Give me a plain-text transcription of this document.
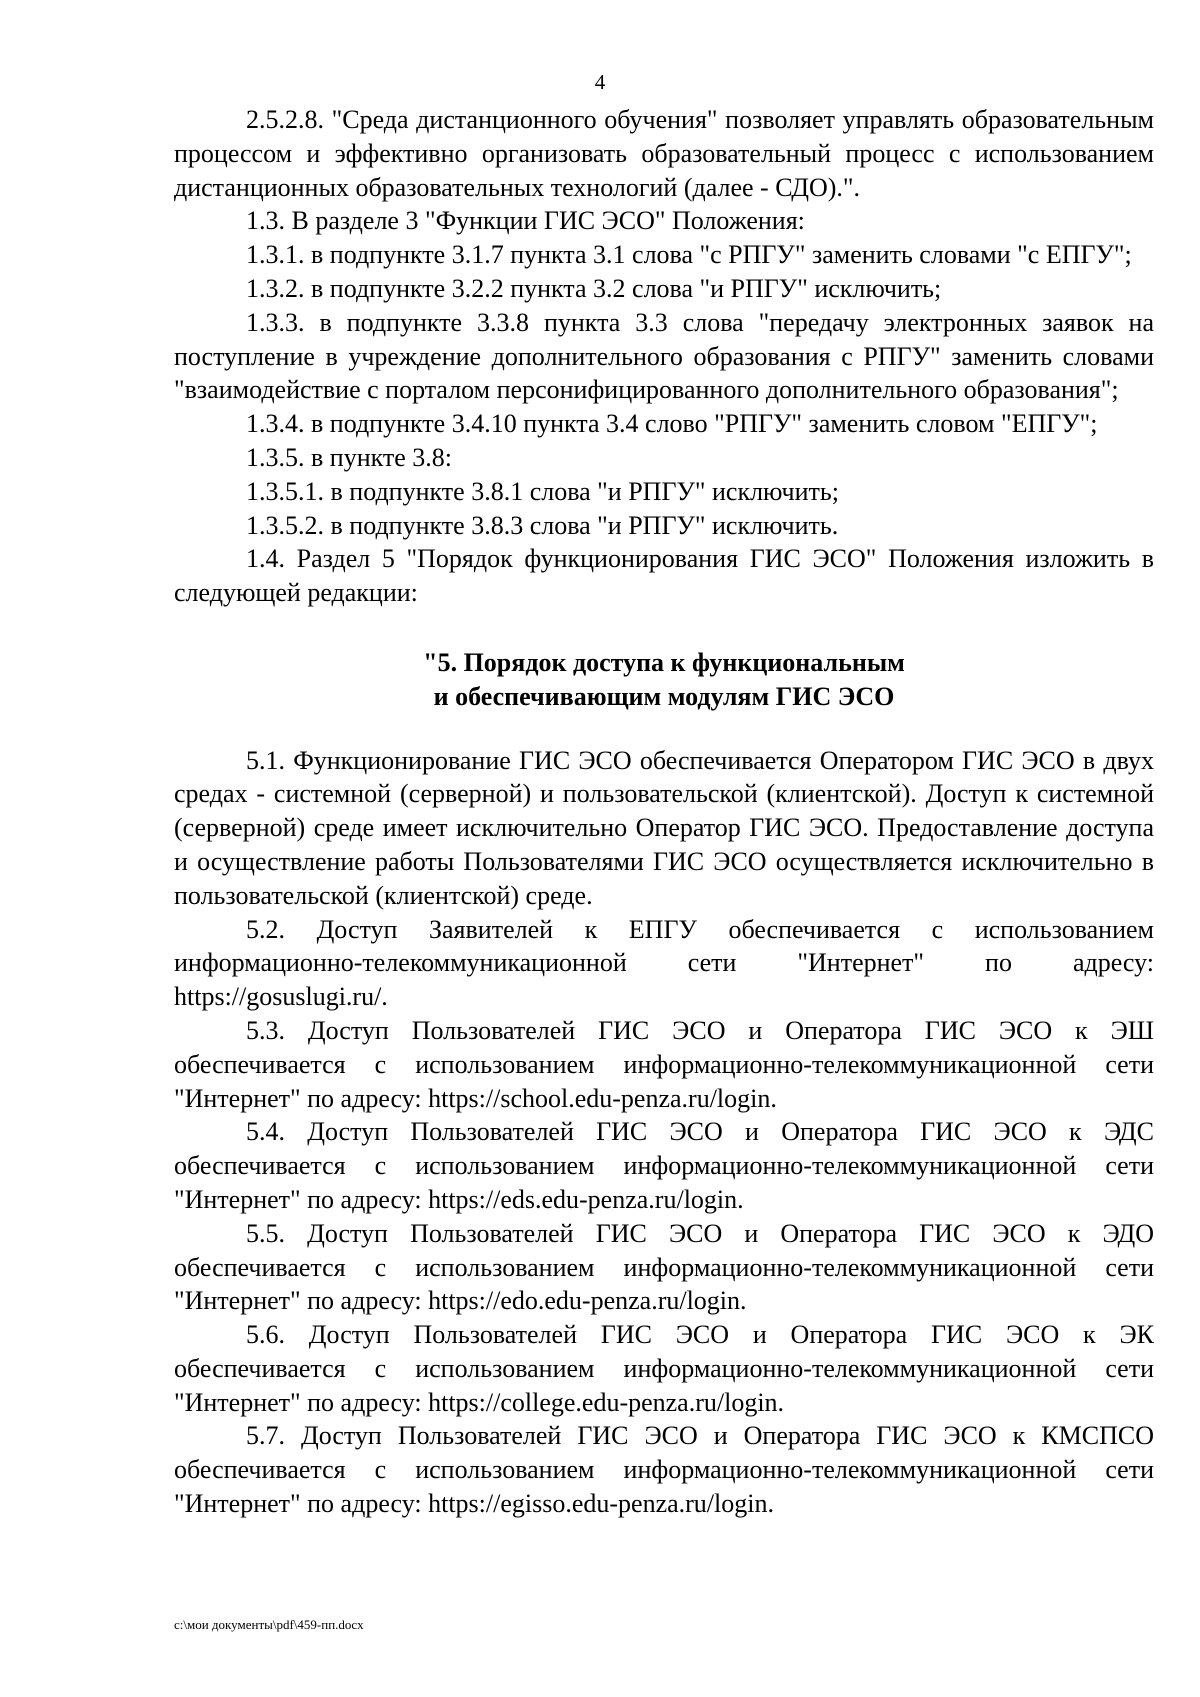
4

2.5.2.8. "Среда дистанционного обучения" позволяет управлять образовательным процессом и эффективно организовать образовательный процесс с использованием дистанционных образовательных технологий (далее - СДО).".

1.3. В разделе 3 "Функции ГИС ЭСО" Положения:

1.3.1. в подпункте 3.1.7 пункта 3.1 слова "с РПГУ" заменить словами "с ЕПГУ";

1.3.2. в подпункте 3.2.2 пункта 3.2 слова "и РПГУ" исключить;

1.3.3. в подпункте 3.3.8 пункта 3.3 слова "передачу электронных заявок на поступление в учреждение дополнительного образования с РПГУ" заменить словами "взаимодействие с порталом персонифицированного дополнительного образования";

1.3.4. в подпункте 3.4.10 пункта 3.4 слово "РПГУ" заменить словом "ЕПГУ";

1.3.5. в пункте 3.8:

1.3.5.1. в подпункте 3.8.1 слова "и РПГУ" исключить;

1.3.5.2. в подпункте 3.8.3 слова "и РПГУ" исключить.

1.4. Раздел 5 "Порядок функционирования ГИС ЭСО" Положения изложить в следующей редакции:

"5. Порядок доступа к функциональным
и обеспечивающим модулям ГИС ЭСО

5.1. Функционирование ГИС ЭСО обеспечивается Оператором ГИС ЭСО в двух средах - системной (серверной) и пользовательской (клиентской). Доступ к системной (серверной) среде имеет исключительно Оператор ГИС ЭСО. Предоставление доступа и осуществление работы Пользователями ГИС ЭСО осуществляется исключительно в пользовательской (клиентской) среде.

5.2. Доступ Заявителей к ЕПГУ обеспечивается с использованием информационно-телекоммуникационной сети "Интернет" по адресу: https://gosuslugi.ru/.

5.3. Доступ Пользователей ГИС ЭСО и Оператора ГИС ЭСО к ЭШ обеспечивается с использованием информационно-телекоммуникационной сети "Интернет" по адресу: https://school.edu-penza.ru/login.

5.4. Доступ Пользователей ГИС ЭСО и Оператора ГИС ЭСО к ЭДС обеспечивается с использованием информационно-телекоммуникационной сети "Интернет" по адресу: https://eds.edu-penza.ru/login.

5.5. Доступ Пользователей ГИС ЭСО и Оператора ГИС ЭСО к ЭДО обеспечивается с использованием информационно-телекоммуникационной сети "Интернет" по адресу: https://edo.edu-penza.ru/login.

5.6. Доступ Пользователей ГИС ЭСО и Оператора ГИС ЭСО к ЭК обеспечивается с использованием информационно-телекоммуникационной сети "Интернет" по адресу: https://college.edu-penza.ru/login.

5.7. Доступ Пользователей ГИС ЭСО и Оператора ГИС ЭСО к КМСПСО обеспечивается с использованием информационно-телекоммуникационной сети "Интернет" по адресу: https://egisso.edu-penza.ru/login.

c:\мои документы\pdf\459-пп.docx
